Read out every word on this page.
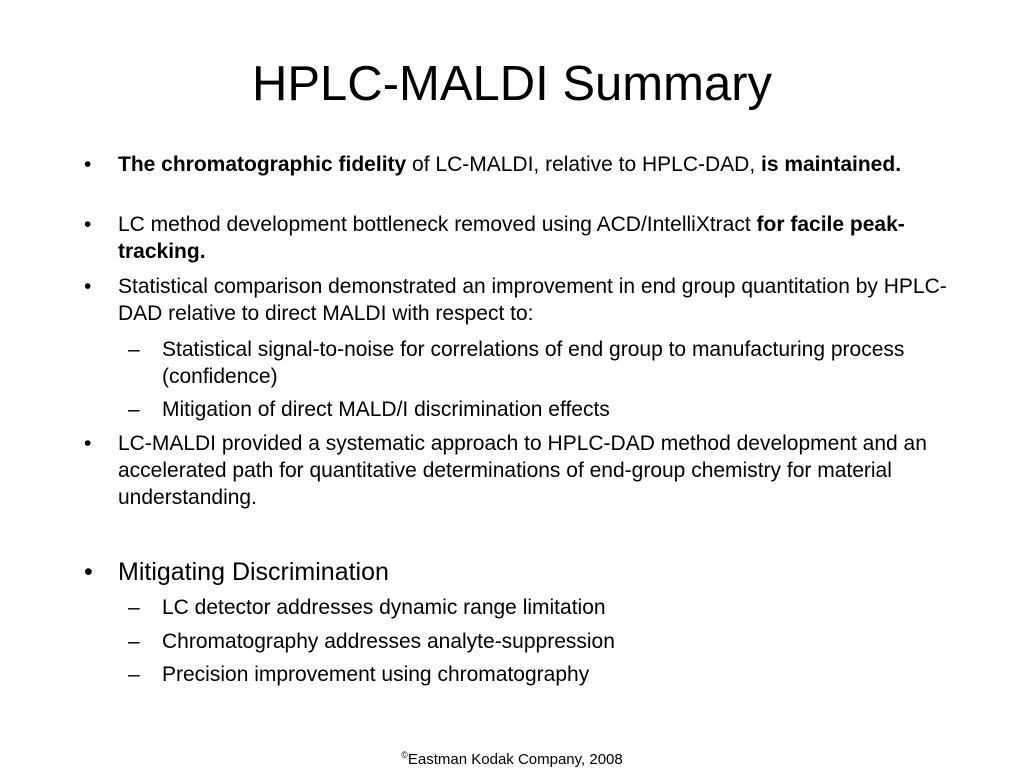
HPLC-MALDI Summary
•	The chromatographic fidelity of LC-MALDI, relative to HPLC-DAD, is maintained.
•	LC method development bottleneck removed using ACD/IntelliXtract for facile peak-tracking.
•	Statistical comparison demonstrated an improvement in end group quantitation by HPLC-DAD relative to direct MALDI with respect to:
– Statistical signal-to-noise for correlations of end group to manufacturing process (confidence)
– Mitigation of direct MALD/I discrimination effects
•	LC-MALDI provided a systematic approach to HPLC-DAD method development and an accelerated path for quantitative determinations of end-group chemistry for material understanding.
•	Mitigating Discrimination
– LC detector addresses dynamic range limitation
– Chromatography addresses analyte-suppression
– Precision improvement using chromatography
©Eastman Kodak Company, 2008
